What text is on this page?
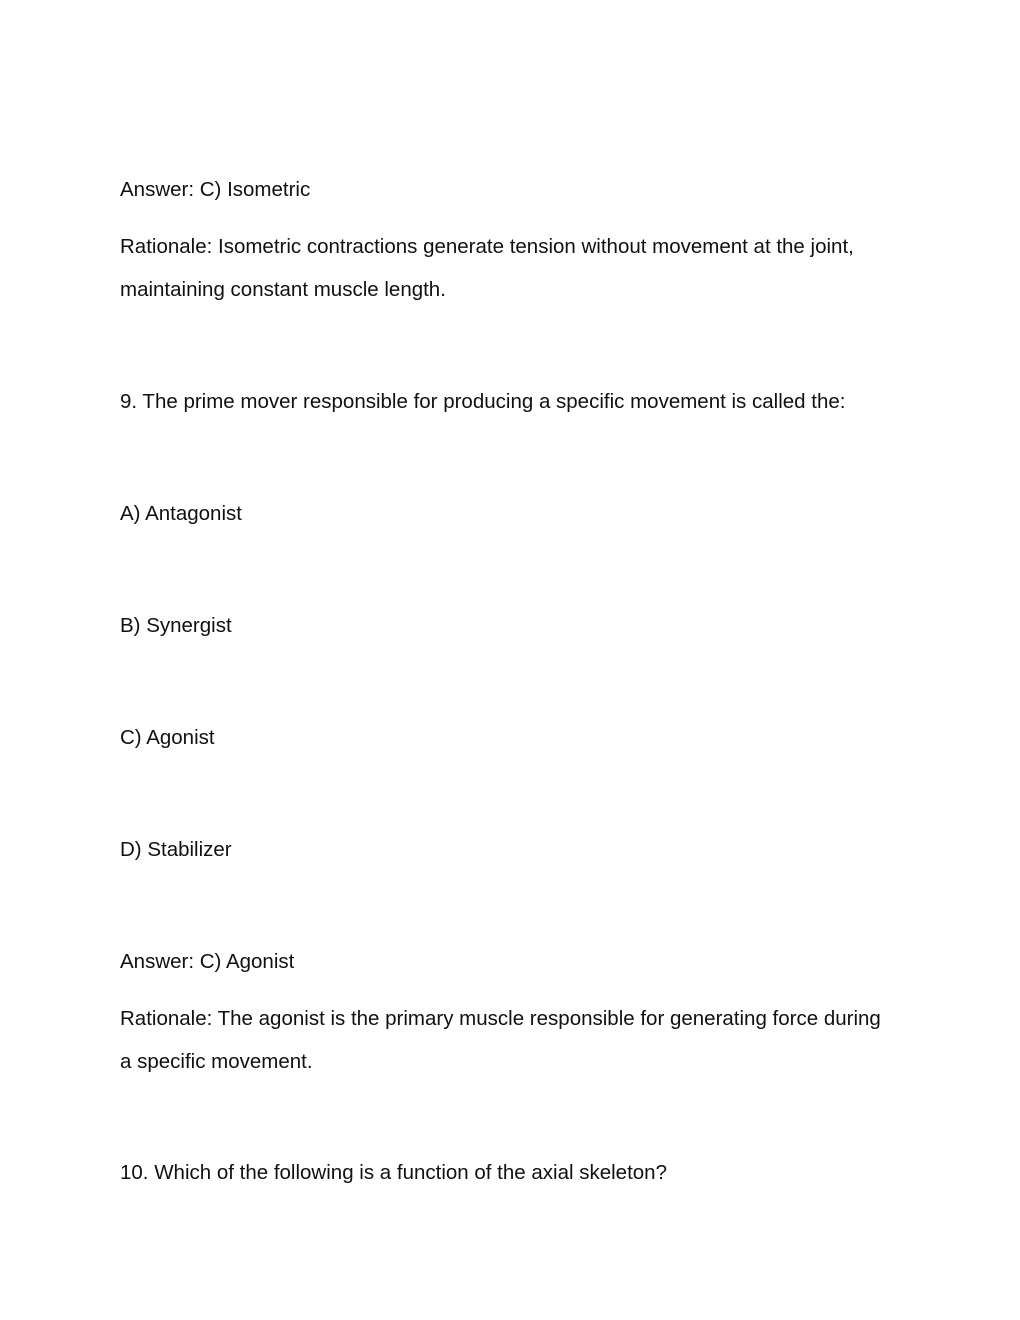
Answer: C) Isometric
Rationale: Isometric contractions generate tension without movement at the joint, maintaining constant muscle length.
9. The prime mover responsible for producing a specific movement is called the:
A) Antagonist
B) Synergist
C) Agonist
D) Stabilizer
Answer: C) Agonist
Rationale: The agonist is the primary muscle responsible for generating force during a specific movement.
10. Which of the following is a function of the axial skeleton?
